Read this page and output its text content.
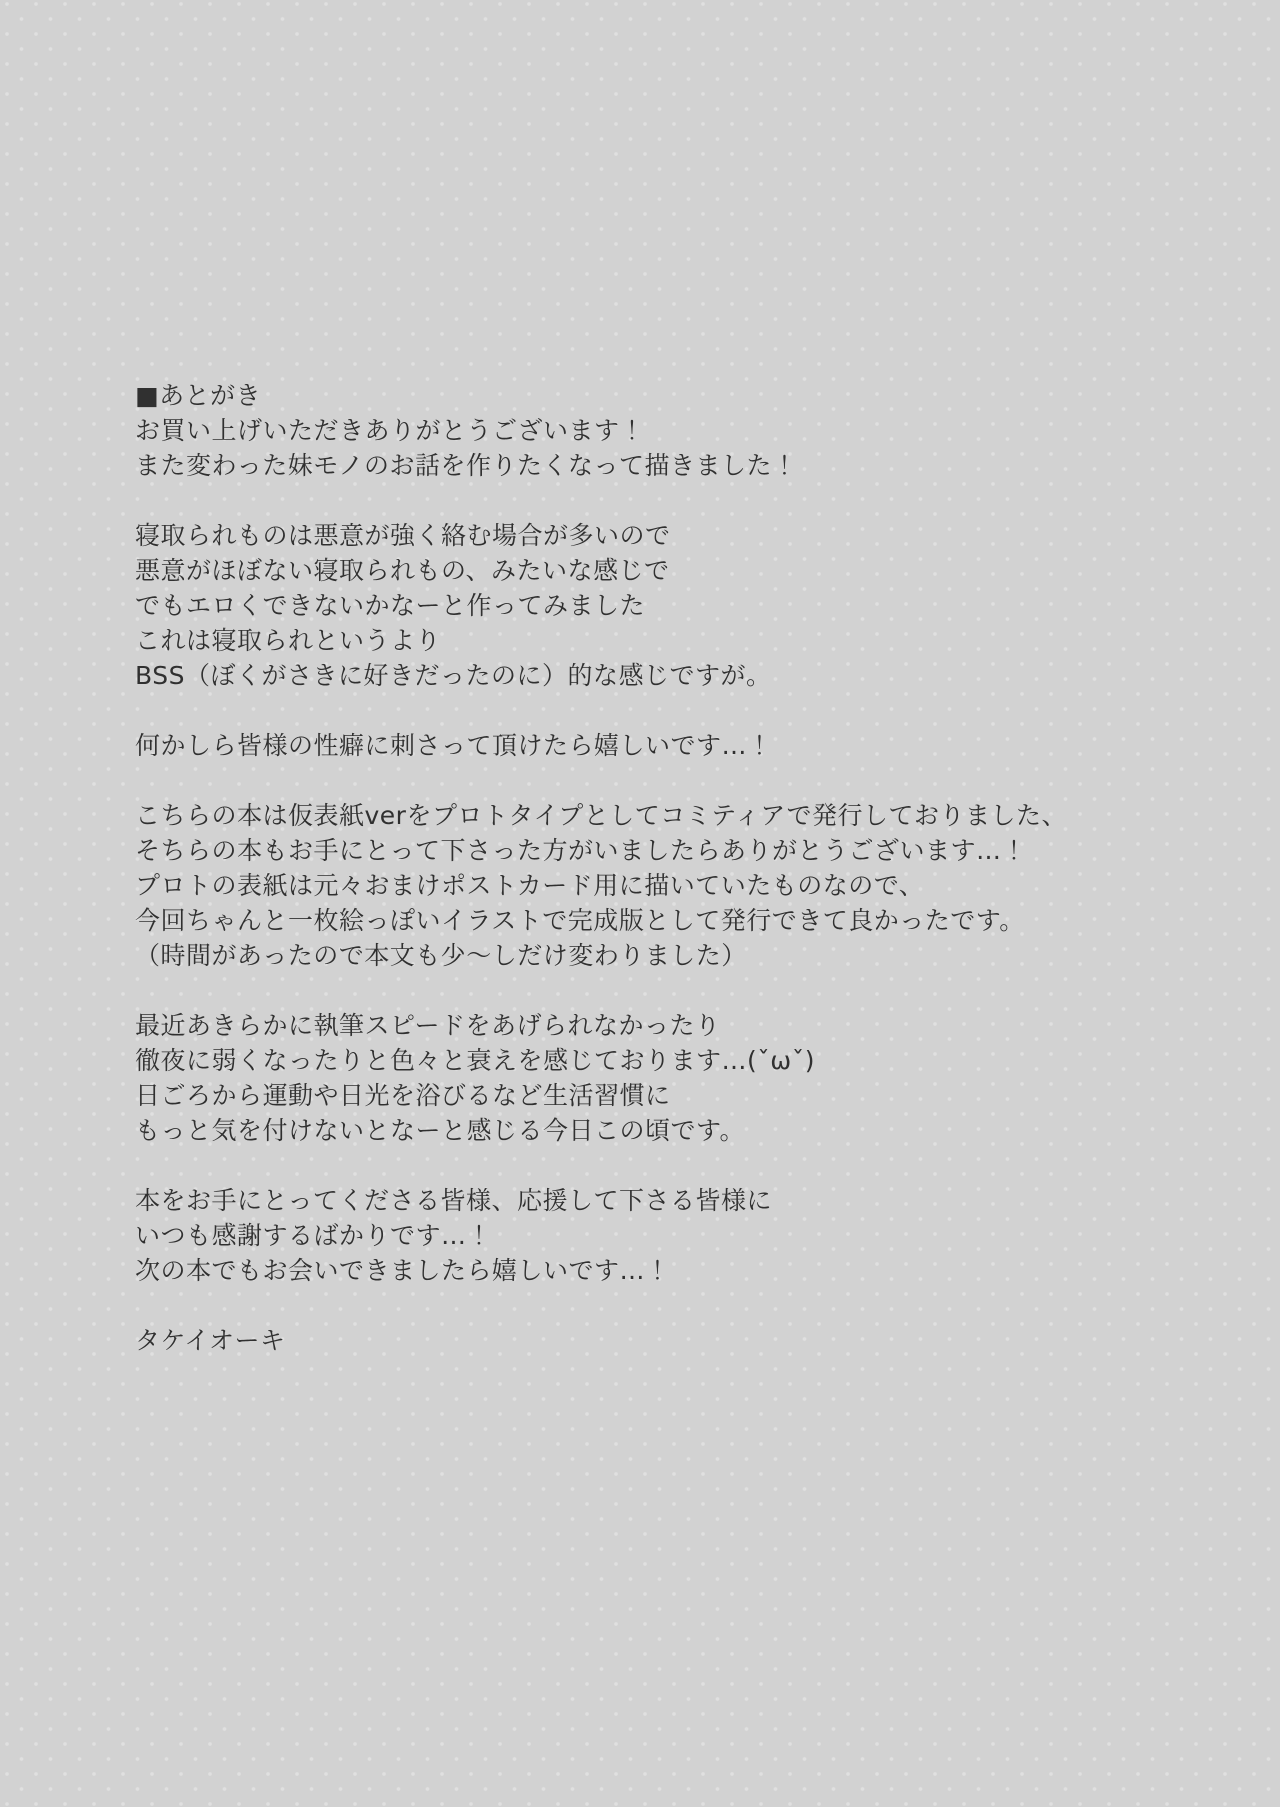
■あとがき
お買い上げいただきありがとうございます！
また変わった妹モノのお話を作りたくなって描きました！
寝取られものは悪意が強く絡む場合が多いので
悪意がほぼない寝取られもの、みたいな感じで
でもエロくできないかなーと作ってみました
これは寝取られというより
BSS（ぼくがさきに好きだったのに）的な感じですが。
何かしら皆様の性癖に刺さって頂けたら嬉しいです…！
こちらの本は仮表紙verをプロトタイプとしてコミティアで発行しておりました、
そちらの本もお手にとって下さった方がいましたらありがとうございます…！
プロトの表紙は元々おまけポストカード用に描いていたものなので、
今回ちゃんと一枚絵っぽいイラストで完成版として発行できて良かったです。
（時間があったので本文も少〜しだけ変わりました）
最近あきらかに執筆スピードをあげられなかったり
徹夜に弱くなったりと色々と衰えを感じております…(ˇωˇ)
日ごろから運動や日光を浴びるなど生活習慣に
もっと気を付けないとなーと感じる今日この頃です。
本をお手にとってくださる皆様、応援して下さる皆様に
いつも感謝するばかりです…！
次の本でもお会いできましたら嬉しいです…！
タケイオーキ
